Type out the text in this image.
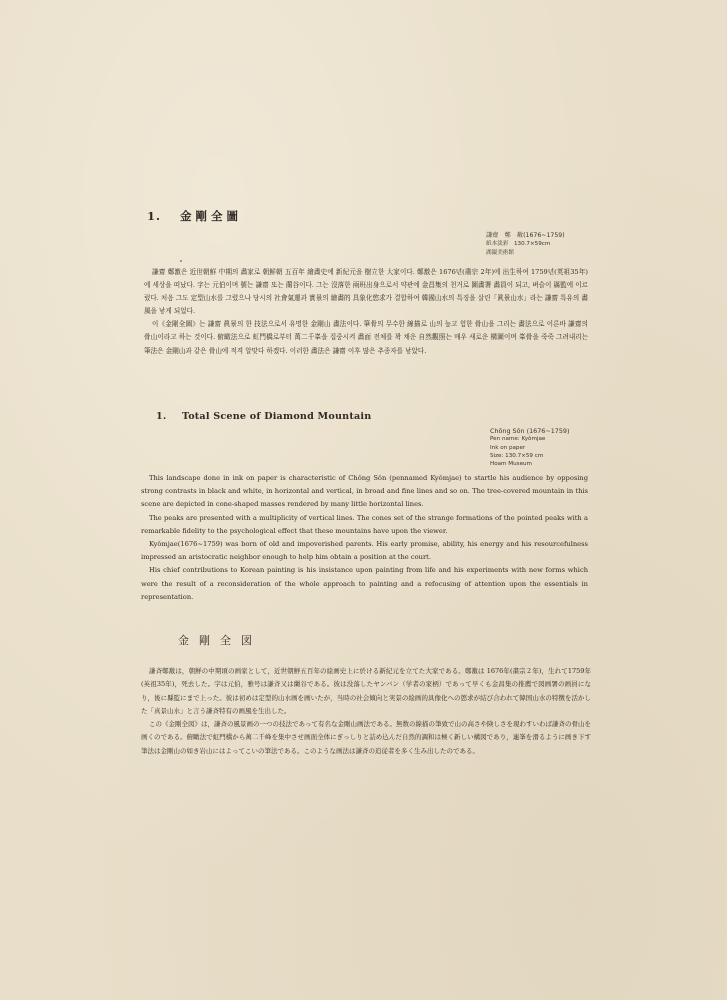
1. 金剛全圖
謙齋　鄭　敾(1676~1759)
紙本淡彩　130.7×59cm
湖巖美術館

謙齋 鄭敾은 近世朝鮮 中期의 畵家로 朝鮮朝 五百年 繪畵史에 新紀元을 樹立한 大家이다. 鄭敾은 1676년(肅宗 2年)에 出生하여 1759년(英祖35年)에 세상을 떠났다. 字는 元伯이며 號는 謙齋 또는 蘭谷이다. 그는 沒落한 兩班出身으로서 약관에 金昌集의 천거로 圖畵署 畵員이 되고, 벼슬이 縣監에 이르렀다. 처음 그도 定型山水를 그렸으나 당시의 社會氣運과 實景의 繪畵的 具象化慾求가 결합하여 韓國山水의 특징을 살린「眞景山水」라는 謙齋 특유의 畵風을 낳게 되었다.

이《金剛全圖》는 謙齋 眞景의 한 技法으로서 유명한 金剛山 畵法이다. 筆骨의 무수한 線描로 山의 높고 험한 骨山을 그리는 畵法으로 이른바 謙齋의 骨山이라고 하는 것이다. 俯瞰法으로 虹門橋로부터 萬二千峯을 집중시켜 畵面 전체를 꽉 채운 自然觀照는 매우 새로운 構圖이며 峯骨을 죽죽 그려내리는 筆法은 金剛山과 같은 骨山에 적격 알맞다 하겠다. 이러한 畵法은 謙齋 이후 많은 추종자를 낳았다.

1. Total Scene of Diamond Mountain
Chŏng Sŏn (1676~1759)
Pen name: Kyŏmjae
Ink on paper
Size: 130.7×59 cm
Hoam Museum

This landscape done in ink on paper is characteristic of Chŏng Sŏn (pennamed Kyŏmjae) to startle his audience by opposing strong contrasts in black and white, in horizontal and vertical, in broad and fine lines and so on. The tree-covered mountain in this scene are depicted in cone-shaped masses rendered by many little horizontal lines.

The peaks are presented with a multiplicity of vertical lines. The cones set of the strange formations of the pointed peaks with a remarkable fidelity to the psychological effect that these mountains have upon the viewer.

Kyŏmjae(1676~1759) was born of old and impoverished parents. His early promise, ability, his energy and his resourcefulness impressed an aristocratic neighbor enough to help him obtain a position at the court.

His chief contributions to Korean painting is his insistance upon painting from life and his experiments with new forms which were the result of a reconsideration of the whole approach to painting and a refocusing of attention upon the essentials in representation.

金剛全図

謙斉鄭敾は，朝鮮の中期頃の画家として，近世朝鮮五百年の絵画史上に於ける新紀元を立てた大家である。鄭敾は 1676年(粛宗２年)，生れて1759年(英祖35年)，死去した。字は元伯，雅号は謙斉又は蘭谷である。彼は没落したヤンバン（学者の家柄）であって早くも金昌集の推薦で図画署の画員になり，後に縣監にまで上った。彼は初めは定型的山水画を画いたが，当時の社会傾向と実景の絵画的具像化への慾求が結び合われて韓国山水の特徴を活かした「真景山水」と言う謙斉特有の画風を生出した。

この《金剛全図》は，謙斉の風景画の一つの技法であって有名な金剛山画法である。無数の線描の筆致で山の高さや険しさを現わすいわば謙斉の骨山を画くのである。俯瞰法で虹門橋から萬二千峰を集中させ画面全体にぎっしりと詰め込んだ自然的調和は極く新しい構図であり，連峯を滑るように画き下す筆法は金剛山の如き岩山にはよってこいの筆法である。このような画法は謙斉の追従者を多く生み出したのである。
